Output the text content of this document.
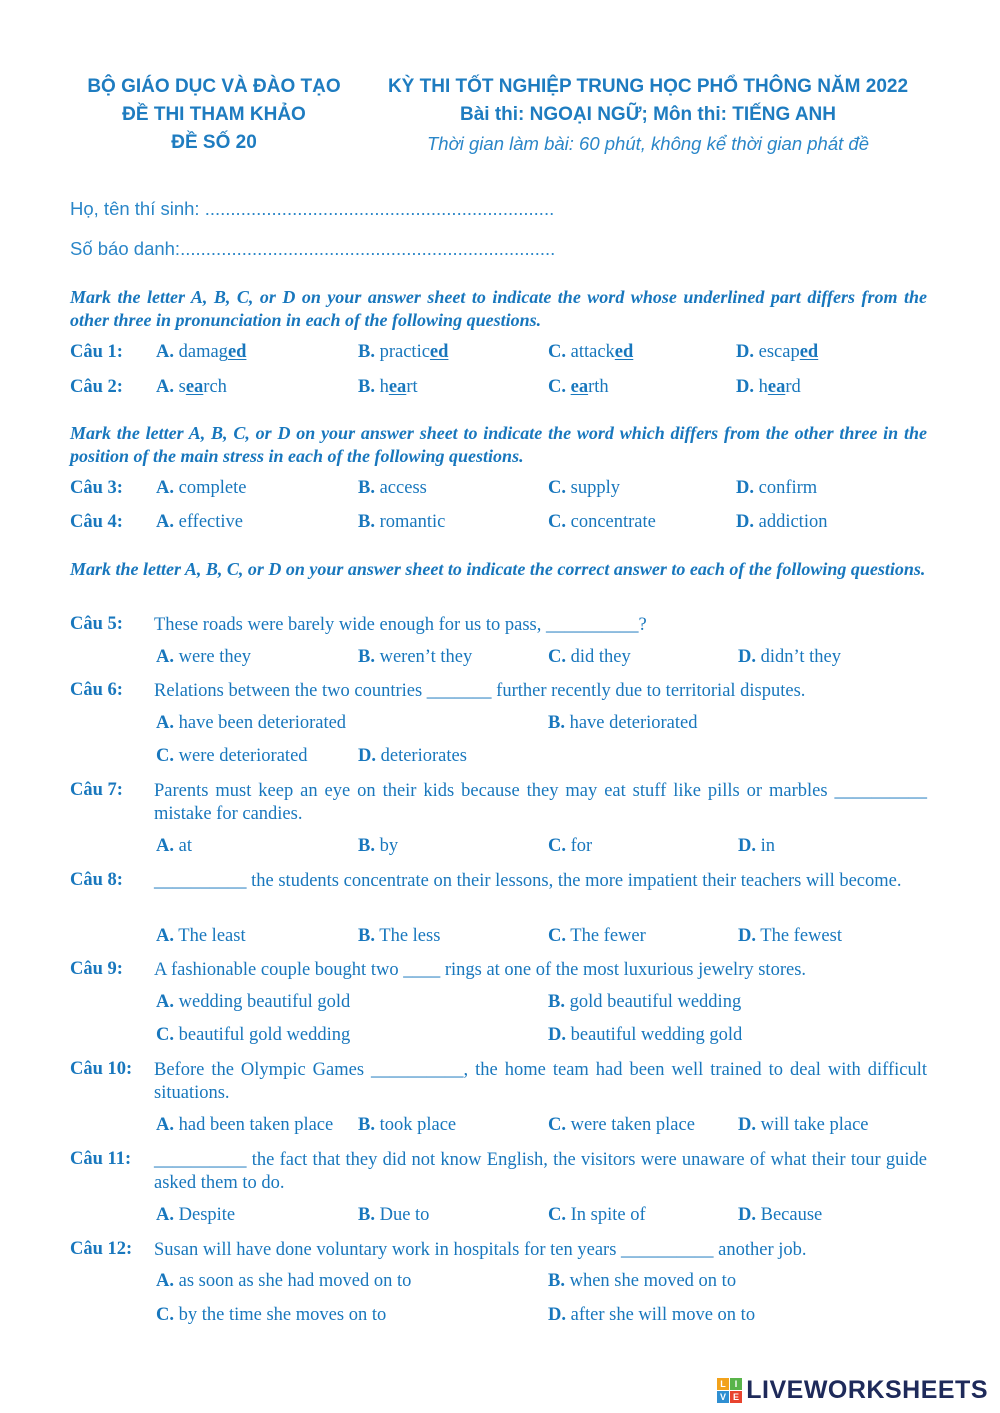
BỘ GIÁO DỤC VÀ ĐÀO TẠO
ĐỀ THI THAM KHẢO
ĐỀ SỐ 20
KỲ THI TỐT NGHIỆP TRUNG HỌC PHỔ THÔNG NĂM 2022
Bài thi: NGOẠI NGỮ; Môn thi: TIẾNG ANH
Thời gian làm bài: 60 phút, không kể thời gian phát đề
Họ, tên thí sinh: ....................................................................
Số báo danh:.........................................................................
Mark the letter A, B, C, or D on your answer sheet to indicate the word whose underlined part differs from the other three in pronunciation in each of the following questions.
Mark the letter A, B, C, or D on your answer sheet to indicate the word which differs from the other three in the position of the main stress in each of the following questions.
Mark the letter A, B, C, or D on your answer sheet to indicate the correct answer to each of the following questions.
Câu 1: A. damaged	B. practiced	C. attacked	D. escaped
Câu 2: A. search	B. heart	C. earth	D. heard
Câu 3: A. complete	B. access	C. supply	D. confirm
Câu 4: A. effective	B. romantic	C. concentrate	D. addiction
Câu 5: These roads were barely wide enough for us to pass, __________?
A. were they	B. weren’t they	C. did they	D. didn’t they
Câu 6: Relations between the two countries _______ further recently due to territorial disputes.
A. have been deteriorated	B. have deteriorated
C. were deteriorated	D. deteriorates
Câu 7: Parents must keep an eye on their kids because they may eat stuff like pills or marbles __________ mistake for candies.
A. at	B. by	C. for	D. in
Câu 8: __________ the students concentrate on their lessons, the more impatient their teachers will become.
A. The least	B. The less	C. The fewer	D. The fewest
Câu 9: A fashionable couple bought two ____ rings at one of the most luxurious jewelry stores.
A. wedding beautiful gold	B. gold beautiful wedding
C. beautiful gold wedding	D. beautiful wedding gold
Câu 10: Before the Olympic Games __________, the home team had been well trained to deal with difficult situations.
A. had been taken place B. took place	C. were taken place D. will take place
Câu 11: __________ the fact that they did not know English, the visitors were unaware of what their tour guide asked them to do.
A. Despite	B. Due to	C. In spite of	D. Because
Câu 12: Susan will have done voluntary work in hospitals for ten years __________ another job.
A. as soon as she had moved on to	B. when she moved on to
C. by the time she moves on to	D. after she will move on to
L I
V E LIVEWORKSHEETS
